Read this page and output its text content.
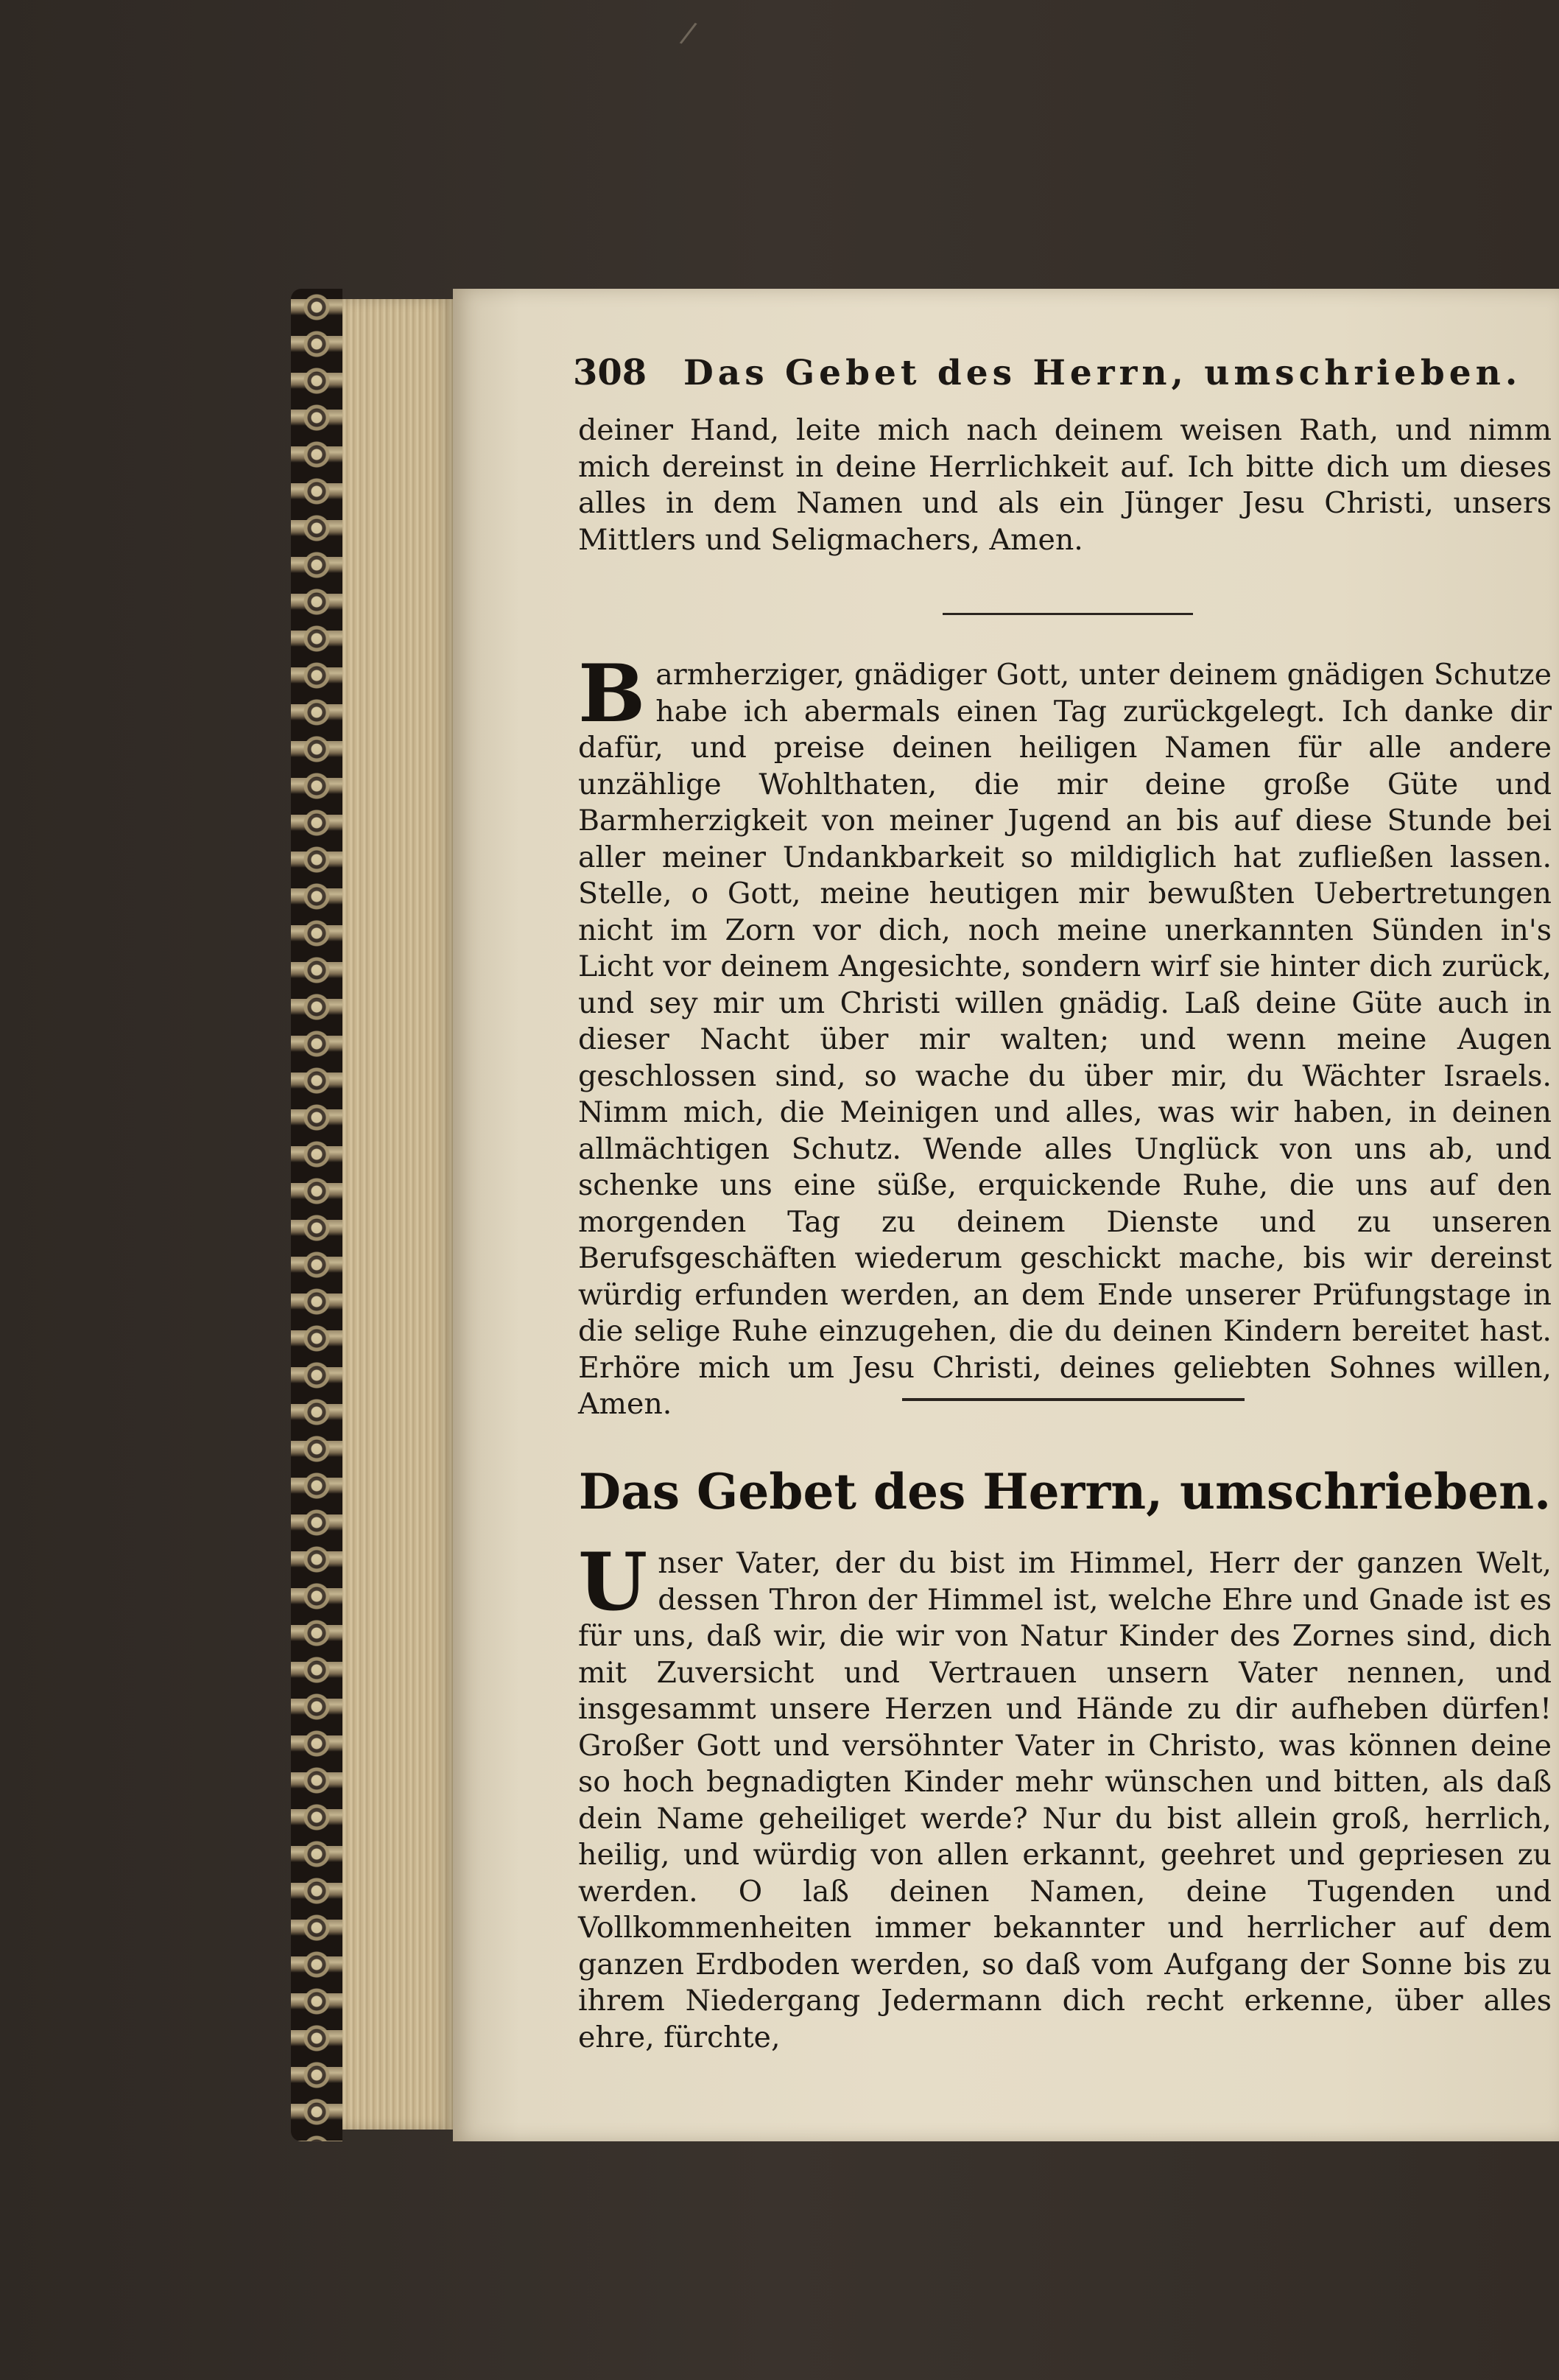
/
308	Das Gebet des Herrn, umschrieben.

deiner Hand, leite mich nach deinem weisen Rath, und nimm mich dereinst in deine Herrlichkeit auf. Ich bitte dich um dieses alles in dem Namen und als ein Jünger Jesu Christi, unsers Mittlers und Seligmachers, Amen.

Barmherziger, gnädiger Gott, unter deinem gnädigen Schutze habe ich abermals einen Tag zurückgelegt. Ich danke dir dafür, und preise deinen heiligen Namen für alle andere unzählige Wohlthaten, die mir deine große Güte und Barmherzigkeit von meiner Jugend an bis auf diese Stunde bei aller meiner Undankbarkeit so mildiglich hat zufließen lassen. Stelle, o Gott, meine heutigen mir bewußten Uebertretungen nicht im Zorn vor dich, noch meine unerkannten Sünden in's Licht vor deinem Angesichte, sondern wirf sie hinter dich zurück, und sey mir um Christi willen gnädig. Laß deine Güte auch in dieser Nacht über mir walten; und wenn meine Augen geschlossen sind, so wache du über mir, du Wächter Israels. Nimm mich, die Meinigen und alles, was wir haben, in deinen allmächtigen Schutz. Wende alles Unglück von uns ab, und schenke uns eine süße, erquickende Ruhe, die uns auf den morgenden Tag zu deinem Dienste und zu unseren Berufsgeschäften wiederum geschickt mache, bis wir dereinst würdig erfunden werden, an dem Ende unserer Prüfungstage in die selige Ruhe einzugehen, die du deinen Kindern bereitet hast. Erhöre mich um Jesu Christi, deines geliebten Sohnes willen, Amen.

Das Gebet des Herrn, umschrieben.

Unser Vater, der du bist im Himmel, Herr der ganzen Welt, dessen Thron der Himmel ist, welche Ehre und Gnade ist es für uns, daß wir, die wir von Natur Kinder des Zornes sind, dich mit Zuversicht und Vertrauen unsern Vater nennen, und insgesammt unsere Herzen und Hände zu dir aufheben dürfen! Großer Gott und versöhnter Vater in Christo, was können deine so hoch begnadigten Kinder mehr wünschen und bitten, als daß dein Name geheiliget werde? Nur du bist allein groß, herrlich, heilig, und würdig von allen erkannt, geehret und gepriesen zu werden. O laß deinen Namen, deine Tugenden und Vollkommenheiten immer bekannter und herrlicher auf dem ganzen Erdboden werden, so daß vom Aufgang der Sonne bis zu ihrem Niedergang Jedermann dich recht erkenne, über alles ehre, fürchte,
